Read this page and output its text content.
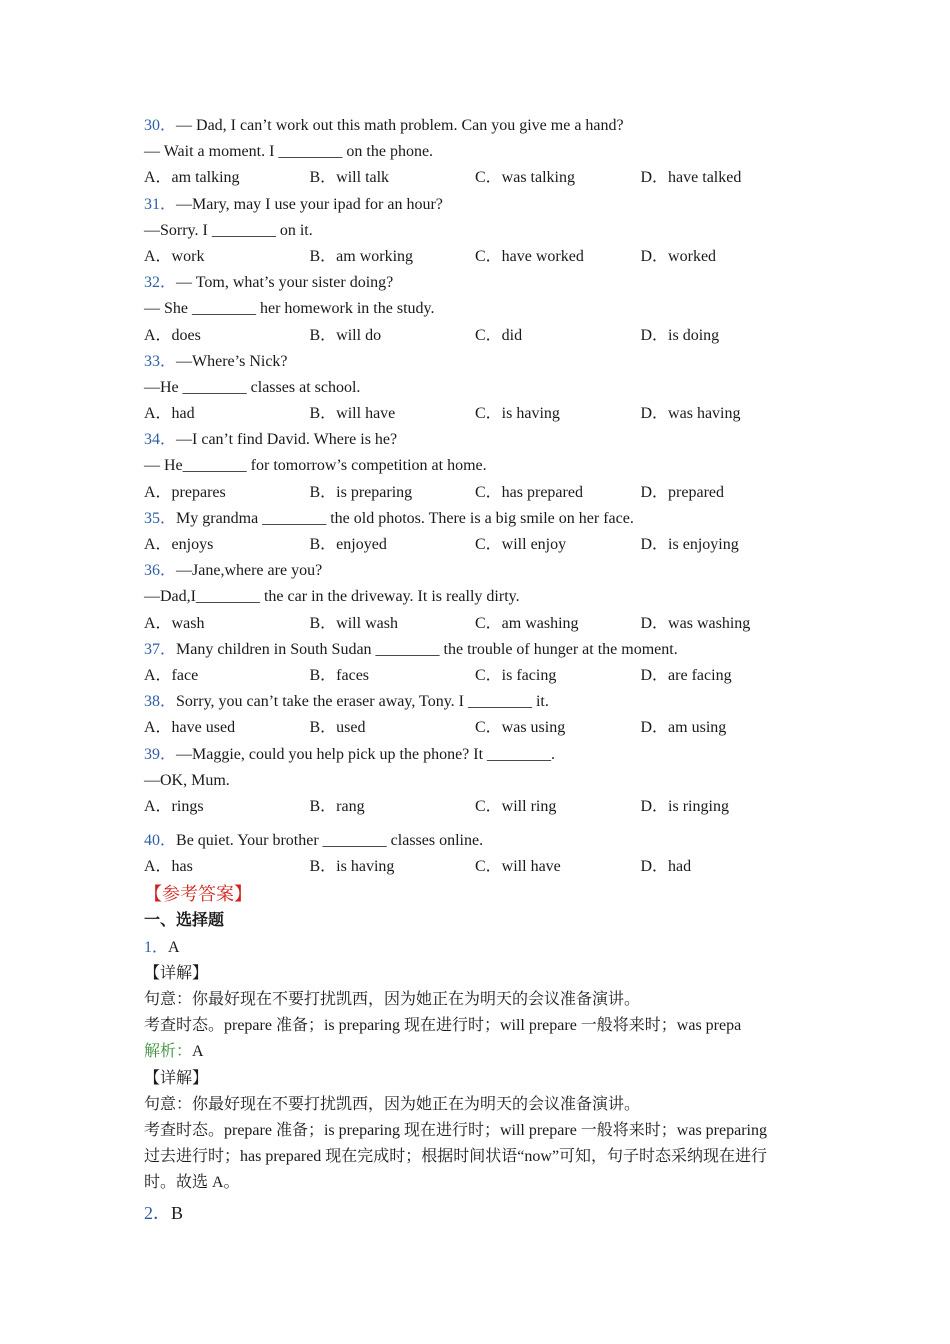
30．— Dad, I can’t work out this math problem. Can you give me a hand?
— Wait a moment. I ________ on the phone.
A．am talking	B．will talk	C．was talking	D．have talked
31．—Mary, may I use your ipad for an hour?
—Sorry. I ________ on it.
A．work	B．am working	C．have worked	D．worked
32．— Tom, what’s your sister doing?
— She ________ her homework in the study.
A．does	B．will do	C．did	D．is doing
33．—Where’s Nick?
—He ________ classes at school.
A．had	B．will have	C．is having	D．was having
34．—I can’t find David. Where is he?
— He________ for tomorrow’s competition at home.
A．prepares	B．is preparing	C．has prepared	D．prepared
35．My grandma ________ the old photos. There is a big smile on her face.
A．enjoys	B．enjoyed	C．will enjoy	D．is enjoying
36．—Jane,where are you?
—Dad,I________ the car in the driveway. It is really dirty.
A．wash	B．will wash	C．am washing	D．was washing
37．Many children in South Sudan ________ the trouble of hunger at the moment.
A．face	B．faces	C．is facing	D．are facing
38．Sorry, you can’t take the eraser away, Tony. I ________ it.
A．have used	B．used	C．was using	D．am using
39．—Maggie, could you help pick up the phone? It ________.
—OK, Mum.
A．rings	B．rang	C．will ring	D．is ringing
40．Be quiet. Your brother ________ classes online.
A．has	B．is having	C．will have	D．had
【参考答案】
一、选择题
1．A
【详解】
句意：你最好现在不要打扰凯西，因为她正在为明天的会议准备演讲。
考查时态。prepare 准备；is preparing 现在进行时；will prepare 一般将来时；was prepa
解析：A
【详解】
句意：你最好现在不要打扰凯西，因为她正在为明天的会议准备演讲。
考查时态。prepare 准备；is preparing 现在进行时；will prepare 一般将来时；was preparing
过去进行时；has prepared 现在完成时；根据时间状语“now”可知，句子时态采纳现在进行
时。故选 A。
2．B
